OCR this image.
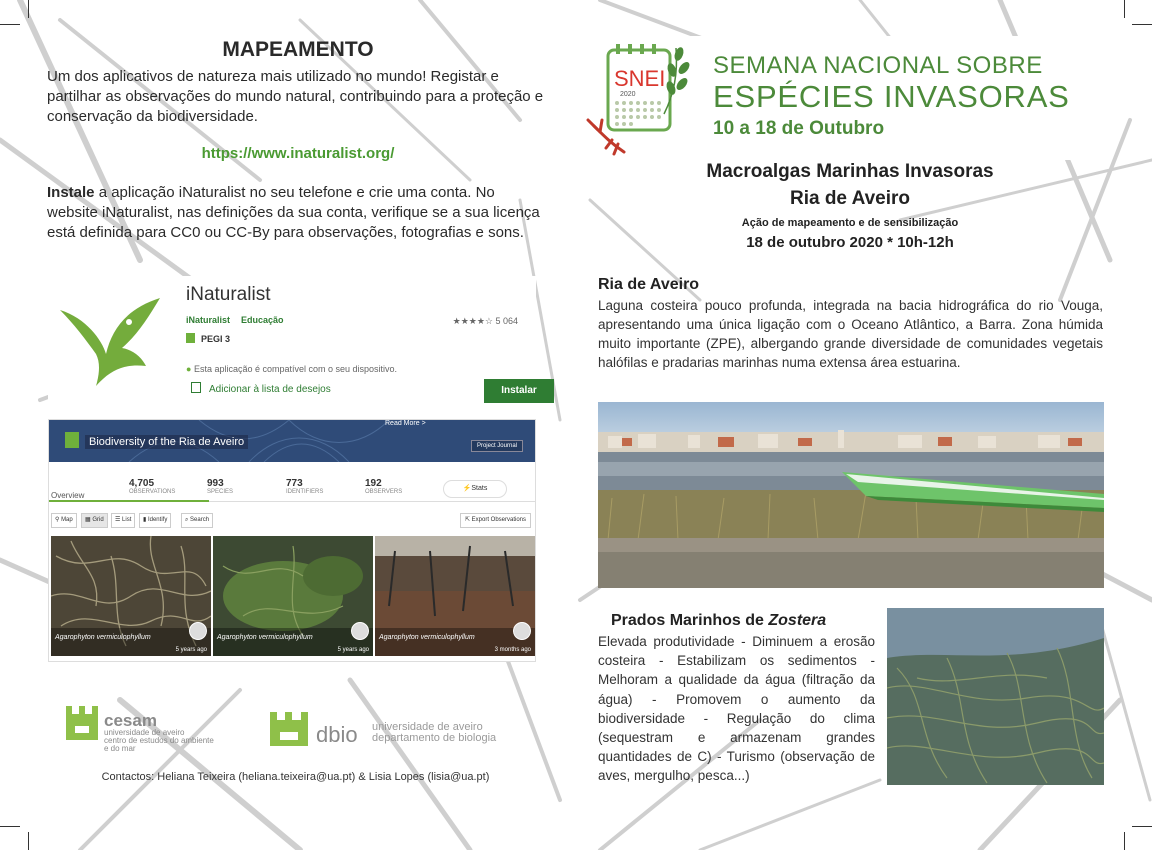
MAPEAMENTO
Um dos aplicativos de natureza mais utilizado no mundo! Registar e partilhar as observações do mundo natural, contribuindo para a proteção e conservação da biodiversidade.
https://www.inaturalist.org/
Instale a aplicação iNaturalist no seu telefone e crie uma conta. No website iNaturalist, nas definições da sua conta, verifique se a sua licença está definida para CC0 ou CC-By para observações, fotografias e sons.
iNaturalist
iNaturalist Educação	★★★★☆ 5 064
PEGI 3
● Esta aplicação é compatível com o seu dispositivo.
Adicionar à lista de desejos	Instalar
Biodiversity of the Ria de Aveiro
Read More >
Project Journal
4,705
OBSERVATIONS
993
SPECIES
773
IDENTIFIERS
192
OBSERVERS
Overview
⚡Stats
⚲ Map	▦ Grid	☰ List	▮ Identify	⌕ Search	⇱ Export Observations
Agarophyton vermiculophyllum
5 years ago
Agarophyton vermiculophyllum
5 years ago
Agarophyton vermiculophyllum
3 months ago
cesam
universidade de aveiro
centro de estudos do ambiente
e do mar
dbio universidade de aveiro
departamento de biologia
Contactos: Heliana Teixeira (heliana.teixeira@ua.pt) & Lisia Lopes (lisia@ua.pt)
SNEI
2020
SEMANA NACIONAL SOBRE
ESPÉCIES INVASORAS
10 a 18 de Outubro
Macroalgas Marinhas Invasoras
Ria de Aveiro
Ação de mapeamento e de sensibilização
18 de outubro 2020 * 10h-12h
Ria de Aveiro
Laguna costeira pouco profunda, integrada na bacia hidrográfica do rio Vouga, apresentando uma única ligação com o Oceano Atlântico, a Barra. Zona húmida muito importante (ZPE), albergando grande diversidade de comunidades vegetais halófilas e pradarias marinhas numa extensa área estuarina.
Prados Marinhos de Zostera
Elevada produtividade - Diminuem a erosão costeira - Estabilizam os sedimentos - Melhoram a qualidade da água (filtração da água) - Promovem o aumento da biodiversidade - Regulação do clima (sequestram e armazenam grandes quantidades de C) - Turismo (observação de aves, mergulho, pesca...)
